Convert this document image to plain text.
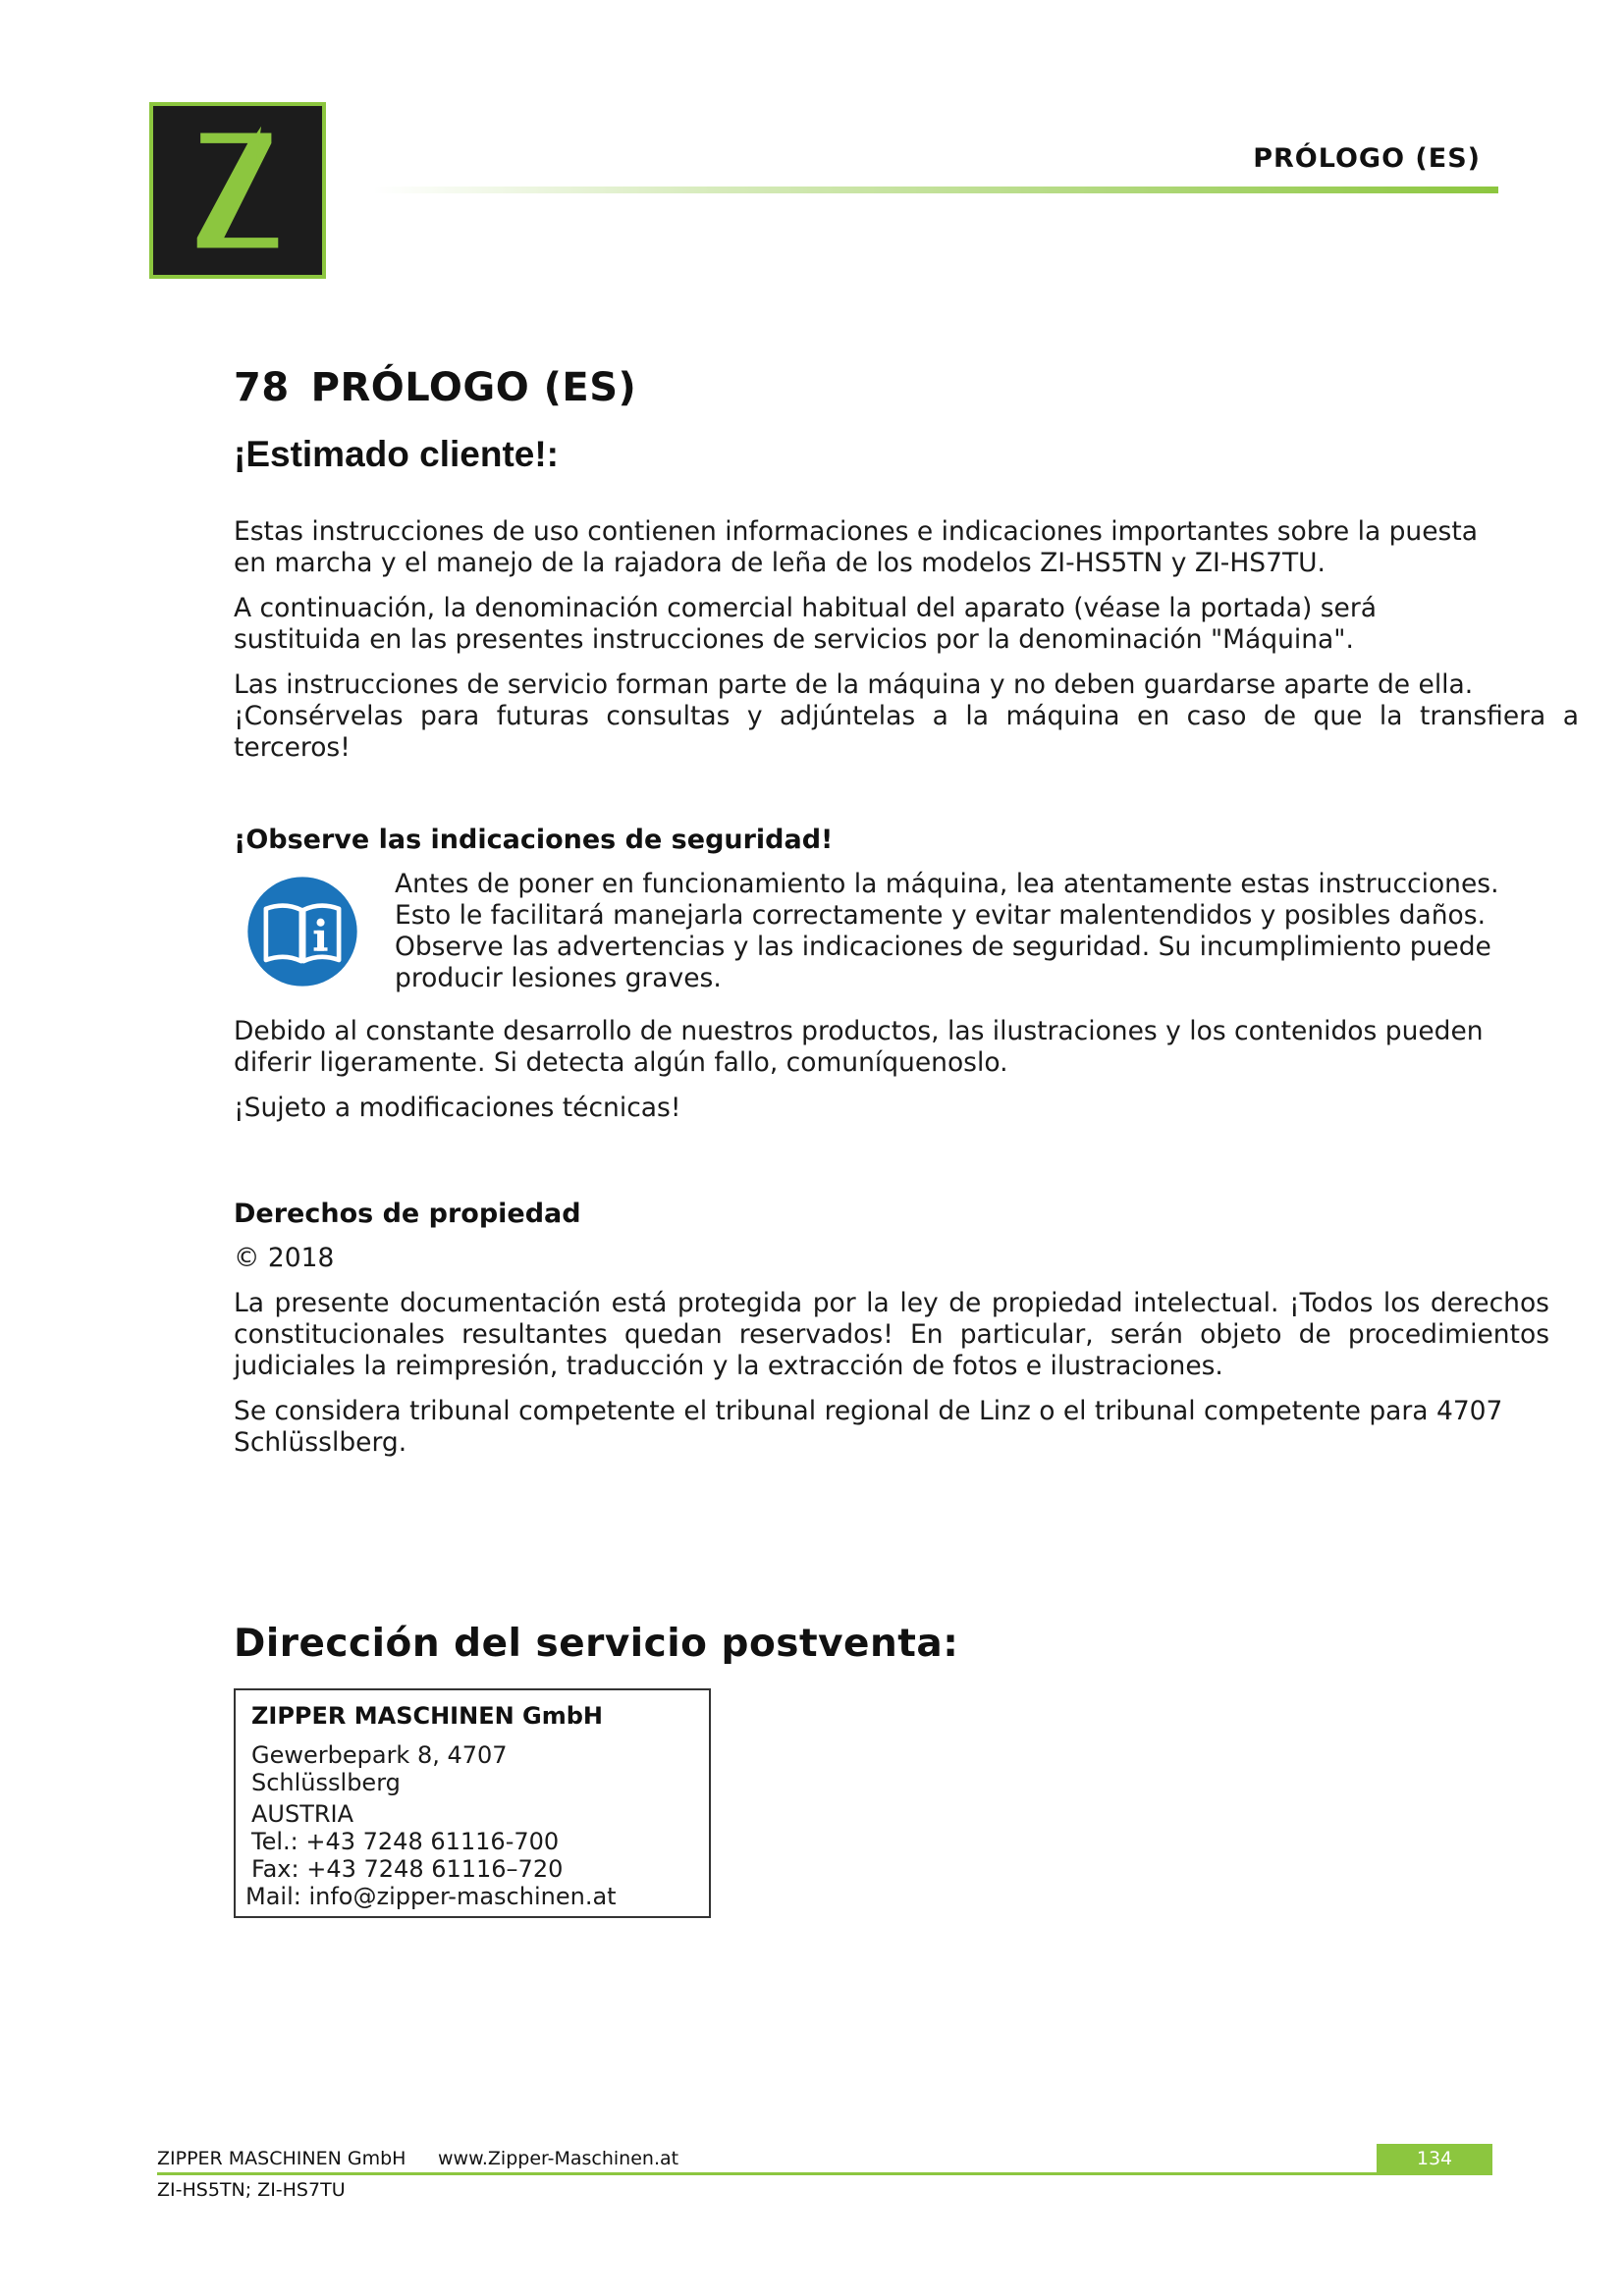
PRÓLOGO (ES)
78 PRÓLOGO (ES)
¡Estimado cliente!:

Estas instrucciones de uso contienen informaciones e indicaciones importantes sobre la puesta en marcha y el manejo de la rajadora de leña de los modelos ZI-HS5TN y ZI-HS7TU.

A continuación, la denominación comercial habitual del aparato (véase la portada) será sustituida en las presentes instrucciones de servicios por la denominación "Máquina".

Las instrucciones de servicio forman parte de la máquina y no deben guardarse aparte de ella.
¡Consérvelas para futuras consultas y adjúntelas a la máquina en caso de que la transfiera a
terceros!

¡Observe las indicaciones de seguridad!

Antes de poner en funcionamiento la máquina, lea atentamente estas instrucciones. Esto le facilitará manejarla correctamente y evitar malentendidos y posibles daños. Observe las advertencias y las indicaciones de seguridad. Su incumplimiento puede producir lesiones graves.

Debido al constante desarrollo de nuestros productos, las ilustraciones y los contenidos pueden diferir ligeramente. Si detecta algún fallo, comuníquenoslo.

¡Sujeto a modificaciones técnicas!

Derechos de propiedad

© 2018

La presente documentación está protegida por la ley de propiedad intelectual. ¡Todos los derechos
constitucionales resultantes quedan reservados! En particular, serán objeto de procedimientos
judiciales la reimpresión, traducción y la extracción de fotos e ilustraciones.

Se considera tribunal competente el tribunal regional de Linz o el tribunal competente para 4707 Schlüsslberg.

Dirección del servicio postventa:

ZIPPER MASCHINEN GmbH

Gewerbepark 8, 4707

Schlüsslberg

AUSTRIA

Tel.: +43 7248 61116-700

Fax: +43 7248 61116–720

Mail: info@zipper-maschinen.at

ZIPPER MASCHINEN GmbH www.Zipper-Maschinen.at	134
ZI-HS5TN; ZI-HS7TU
